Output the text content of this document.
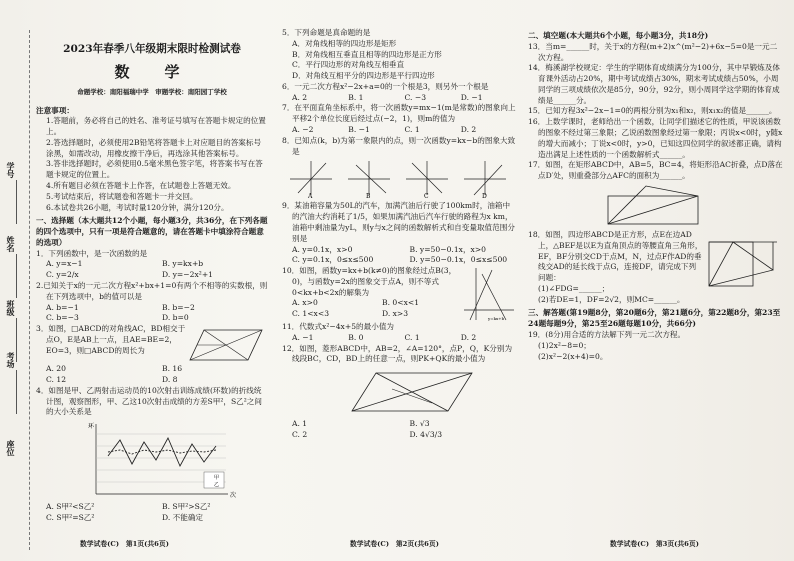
学号
姓名
班级
考场
座位
2023年春季八年级期末限时检测试卷
数　学
命题学校：南阳福瑞中学　审题学校：南阳园丁学校
注意事项：
1.答题前，务必将自己的姓名、准考证号填写在答题卡规定的位置上。
2.答选择题时，必须使用2B铅笔将答题卡上对应题目的答案标号涂黑，如需改动，用橡皮擦干净后，再选涂其他答案标号。
3.答非选择题时，必须使用0.5毫米黑色签字笔，将答案书写在答题卡规定的位置上。
4.所有题目必须在答题卡上作答，在试题卷上答题无效。
5.考试结束后，将试题卷和答题卡一并交回。
6.本试卷共26小题，考试时量120分钟，满分120分。
一、选择题（本大题共12个小题，每小题3分，共36分，在下列各题的四个选项中，只有一项是符合题意的，请在答题卡中填涂符合题意的选项）
1．下列函数中，是一次函数的是
A. y=x−1	B. y=kx+b
C. y=2/x	D. y=−2x²+1
2.已知关于x的一元二次方程x²+bx+1=0有两个不相等的实数根，则在下列选项中，b的值可以是
A. b=−1	B. b=−2
C. b=−3	D. b=0
3．如图，□ABCD的对角线AC，BD相交于点O，E是AB上一点，且AE=BE=2，EO=3，则□ABCD的周长为
A. 20	B. 16
C. 12	D. 8
4．如图是甲、乙两射击运动员的10次射击训练成绩(环数)的折线统计图，观察图形，甲、乙这10次射击成绩的方差S甲²，S乙²之间的大小关系是
环
次
甲
乙
A. S甲²<S乙²	B. S甲²>S乙²
C. S甲²=S乙²	D. 不能确定
数学试卷(C)　第1页(共6页)
5．下列命题是真命题的是
A．对角线相等的四边形是矩形
B．对角线相互垂直且相等的四边形是正方形
C．平行四边形的对角线互相垂直
D．对角线互相平分的四边形是平行四边形
6．一元二次方程x²−2x+a=0的一个根是3，则另外一个根是
A. 2	B. 1	C. −3	D. −1
7．在平面直角坐标系中，将一次函数y=mx−1(m是常数)的图象向上平移2个单位长度后经过点(−2，1)，则m的值为
A. −2	B. −1	C. 1	D. 2
8．已知点(k，b)为第一象限内的点，则一次函数y=kx−b的图象大致是
A	B	C	D
9．某油箱容量为50L的汽车，加满汽油后行驶了100km时，油箱中的汽油大约消耗了1/5，如果加满汽油后汽车行驶的路程为x km，油箱中剩油量为yL，则y与x之间的函数解析式和自变量取值范围分别是
A. y=0.1x，x>0	B. y=50−0.1x，x>0
C. y=0.1x，0≤x≤500	D. y=50−0.1x，0≤x≤500
10．如图，函数y=kx+b(k≠0)的图象经过点B(3，0)，与函数y=2x的图象交于点A，则不等式0<kx+b<2x的解集为
A. x>0	B. 0<x<1
C. 1<x<3	D. x>3
y=kx+b
11．代数式x²−4x+5的最小值为
A. −1	B. 0	C. 1	D. 2
12．如图，菱形ABCD中，AB=2，∠A=120°，点P，Q，K分别为线段BC，CD，BD上的任意一点，则PK+QK的最小值为
A. 1	B. √3
C. 2	D. 4√3/3
数学试卷(C)　第2页(共6页)
二、填空题(本大题共6个小题，每小题3分，共18分)
13．当m=______时，关于x的方程(m+2)x^(m²−2)+6x−5=0是一元二次方程。
14．梅溪湖学校规定：学生的学期体育成绩满分为100分，其中早锻炼及体育课外活动占20%，期中考试成绩占30%，期末考试成绩占50%，小周同学的三项成绩依次是85分，90分，92分，则小周同学这学期的体育成绩是______分。
15．已知方程3x²−2x−1=0的两根分别为x₁和x₂，则x₁x₂的值是______。
16．上数学课时，老师给出一个函数，让同学们描述它的性质，甲说该函数的图象不经过第三象限；乙说函数图象经过第一象限；丙说x<0时，y随x的增大而减小；丁说x<0时，y>0，已知这四位同学的叙述都正确，请构造出满足上述性质的一个函数解析式______。
17．如图，在矩形ABCD中，AB=5，BC=4，将矩形沿AC折叠，点D落在点D′处，则重叠部分△AFC的面积为______。
18．如图，四边形ABCD是正方形，点E在边AD上，△BEF是以E为直角顶点的等腰直角三角形，EF，BF分别交CD于点M，N，过点F作AD的垂线交AD的延长线于点G，连接DF，请完成下列问题：
(1)∠FDG=______；
(2)若DE=1，DF=2√2，则MC=______。
三、解答题(第19题8分，第20题6分，第21题6分，第22题8分，第23至24题每题9分，第25至26题每题10分，共66分)
19．(8分)用合适的方法解下列一元二次方程。
(1)2x²−8=0；
(2)x²−2(x+4)=0。
数学试卷(C)　第3页(共6页)
